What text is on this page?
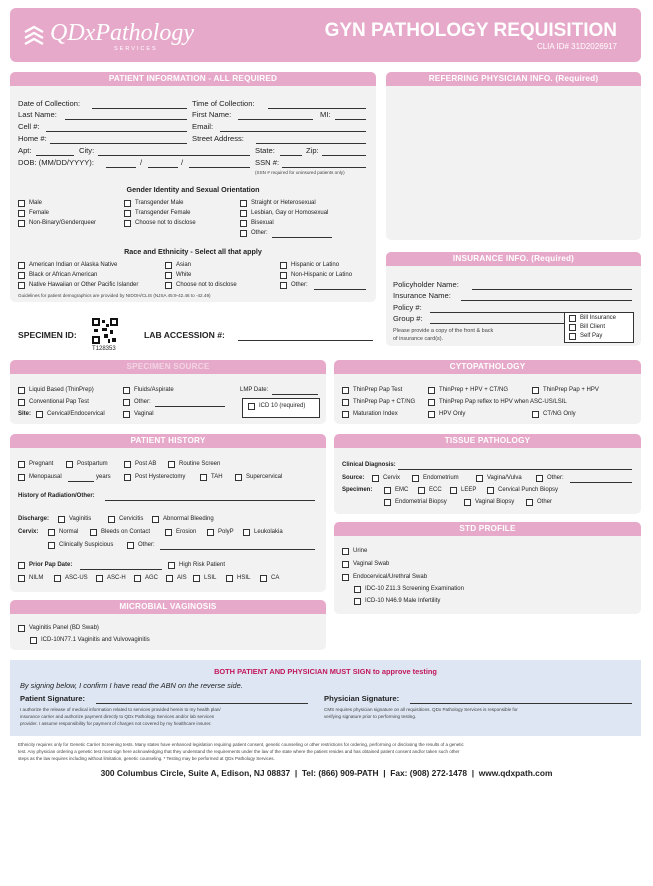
QDxPathology
SERVICES
GYN PATHOLOGY REQUISITION
CLIA ID# 31D2026917
PATIENT INFORMATION - ALL REQUIRED
Date of Collection:	Time of Collection:
Last Name:	First Name:	MI:
Cell #:	Email:
Home #:	Street Address:
Apt:	City:	State:	Zip:
DOB: (MM/DD/YYYY):	/	/	SSN #:
(SSN # required for uninsured patients only)
Gender Identity and Sexual Orientation
Male
Female
Non-Binary/Genderqueer
Transgender Male
Transgender Female
Choose not to disclose
Straight or Heterosexual
Lesbian, Gay or Homosexual
Bisexual
Other:
Race and Ethnicity - Select all that apply
American Indian or Alaska Native
Black or African American
Native Hawaiian or Other Pacific Islander
Asian
White
Choose not to disclose
Hispanic or Latino
Non-Hispanic or Latino
Other:
Guidelines for patient demographics are provided by NIDOH/CLIS (NJSA 45:9-42.46 to -42.49)
REFERRING PHYSICIAN INFO. (Required)
INSURANCE INFO. (Required)
Policyholder Name:
Insurance Name:
Policy #:
Group #:
Please provide a copy of the front & back
of insurance card(s).
Bill Insurance
Bill Client
Self Pay
SPECIMEN ID:
T128353
LAB ACCESSION #:
SPECIMEN SOURCE
Liquid Based (ThinPrep)
Conventional Pap Test
Fluids/Aspirate
Other:
LMP Date:
ICD 10 (required)
Site:	Cervical/Endocervical	Vaginal
CYTOPATHOLOGY
ThinPrep Pap Test	ThinPrep + HPV + CT/NG	ThinPrep Pap + HPV
ThinPrep Pap + CT/NG	ThinPrep Pap reflex to HPV when ASC-US/LSIL
Maturation Index	HPV Only	CT/NG Only
PATIENT HISTORY
Pregnant	Postpartum	Post AB	Routine Screen
Menopausal	years	Post Hysterectomy	TAH	Supercervical
History of Radiation/Other:
Discharge:	Vaginitis	Cervicitis	Abnormal Bleeding
Cervix:	Normal	Bleeds on Contact	Erosion	PolyP	Leukolakia
Clinically Suspicious	Other:
Prior Pap Date:	High Risk Patient
NILM	ASC-US	ASC-H	AGC	AIS	LSIL	HSIL	CA
TISSUE PATHOLOGY
Clinical Diagnosis:
Source:	Cervix	Endometrium	Vagina/Vulva	Other:
Specimen:	EMC	ECC	LEEP	Cervical Punch Biopsy
Endometrial Biopsy	Vaginal Biopsy	Other
STD PROFILE
Urine
Vaginal Swab
Endocervical/Urethral Swab
IDC-10 Z11.3 Screening Examination
ICD-10 N46.9 Male Infertility
MICROBIAL VAGINOSIS
Vaginitis Panel (BD Swab)
ICD-10N77.1 Vaginitis and Vulvovaginitis
BOTH PATIENT AND PHYSICIAN MUST SIGN to approve testing
By signing below, I confirm I have read the ABN on the reverse side.
Patient Signature:	Physician Signature:
I authorize the release of medical information related to services provided herein to my health plan/
insurance carrier and authorize payment directly to QDx Pathology Services and/or lab services
provider. I assume responsibility for payment of charges not covered by my healthcare insurer.
CMS requires physician signature on all requisitions. QDx Pathology Services is responsible for
verifying signature prior to performing testing.
Ethnicity requires only for Genetic Carrier Screening tests. Many states have enhanced legislation requiring patient consent, genetic counseling or other restrictions for ordering, performing or disclosing the results of a genetic
test. Any physician ordering a genetic test must sign here acknowledging that they understand the requirements under the law of the state where the patient resides and has obtained patient consent and/or taken such other
steps as the law requires including without limitation, genetic counseling. * Testing may be performed at QDx Pathology Services.
300 Columbus Circle, Suite A, Edison, NJ 08837  |  Tel: (866) 909-PATH  |  Fax: (908) 272-1478  |  www.qdxpath.com
